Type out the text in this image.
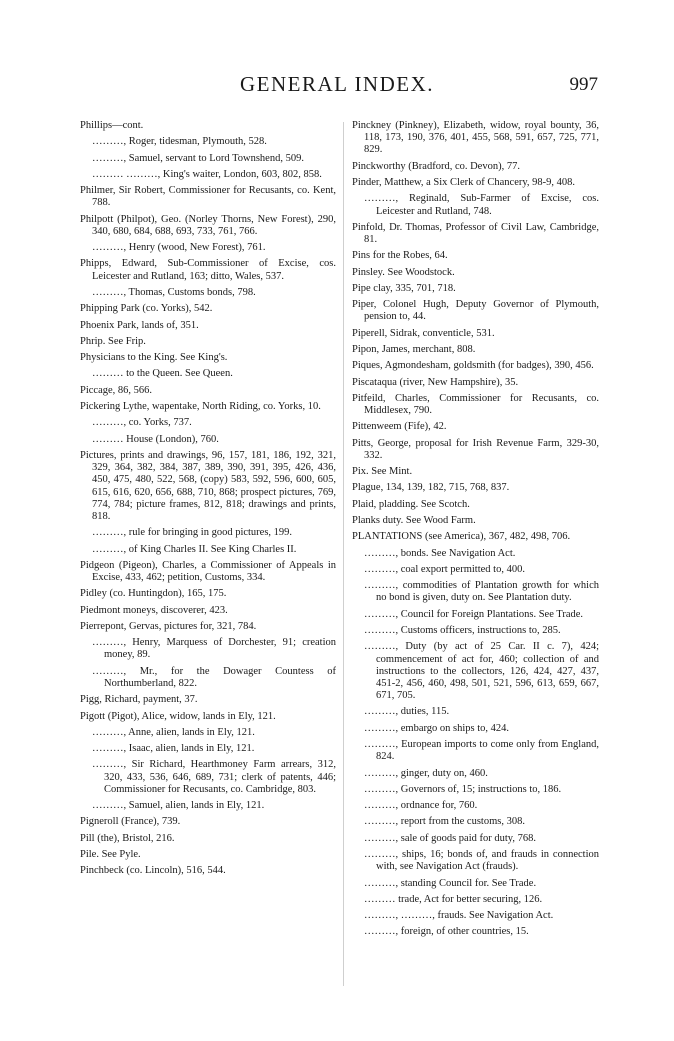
GENERAL INDEX.	997

Phillips—cont.

………, Roger, tidesman, Plymouth, 528.

………, Samuel, servant to Lord Townshend, 509.

……… ………, King's waiter, London, 603, 802, 858.

Philmer, Sir Robert, Commissioner for Recusants, co. Kent, 788.

Philpott (Philpot), Geo. (Norley Thorns, New Forest), 290, 340, 680, 684, 688, 693, 733, 761, 766.

………, Henry (wood, New Forest), 761.

Phipps, Edward, Sub-Commissioner of Excise, cos. Leicester and Rutland, 163; ditto, Wales, 537.

………, Thomas, Customs bonds, 798.

Phipping Park (co. Yorks), 542.

Phoenix Park, lands of, 351.

Phrip. See Frip.

Physicians to the King. See King's.

……… to the Queen. See Queen.

Piccage, 86, 566.

Pickering Lythe, wapentake, North Riding, co. Yorks, 10.

………, co. Yorks, 737.

……… House (London), 760.

Pictures, prints and drawings, 96, 157, 181, 186, 192, 321, 329, 364, 382, 384, 387, 389, 390, 391, 395, 426, 436, 450, 475, 480, 522, 568, (copy) 583, 592, 596, 600, 605, 615, 616, 620, 656, 688, 710, 868; prospect pictures, 769, 774, 784; picture frames, 812, 818; drawings and prints, 818.

………, rule for bringing in good pictures, 199.

………, of King Charles II. See King Charles II.

Pidgeon (Pigeon), Charles, a Commissioner of Appeals in Excise, 433, 462; petition, Customs, 334.

Pidley (co. Huntingdon), 165, 175.

Piedmont moneys, discoverer, 423.

Pierrepont, Gervas, pictures for, 321, 784.

………, Henry, Marquess of Dorchester, 91; creation money, 89.

………, Mr., for the Dowager Countess of Northumberland, 822.

Pigg, Richard, payment, 37.

Pigott (Pigot), Alice, widow, lands in Ely, 121.

………, Anne, alien, lands in Ely, 121.

………, Isaac, alien, lands in Ely, 121.

………, Sir Richard, Hearthmoney Farm arrears, 312, 320, 433, 536, 646, 689, 731; clerk of patents, 446; Commissioner for Recusants, co. Cambridge, 803.

………, Samuel, alien, lands in Ely, 121.

Pigneroll (France), 739.

Pill (the), Bristol, 216.

Pile. See Pyle.

Pinchbeck (co. Lincoln), 516, 544.

Pinckney (Pinkney), Elizabeth, widow, royal bounty, 36, 118, 173, 190, 376, 401, 455, 568, 591, 657, 725, 771, 829.

Pinckworthy (Bradford, co. Devon), 77.

Pinder, Matthew, a Six Clerk of Chancery, 98-9, 408.

………, Reginald, Sub-Farmer of Excise, cos. Leicester and Rutland, 748.

Pinfold, Dr. Thomas, Professor of Civil Law, Cambridge, 81.

Pins for the Robes, 64.

Pinsley. See Woodstock.

Pipe clay, 335, 701, 718.

Piper, Colonel Hugh, Deputy Governor of Plymouth, pension to, 44.

Piperell, Sidrak, conventicle, 531.

Pipon, James, merchant, 808.

Piques, Agmondesham, goldsmith (for badges), 390, 456.

Piscataqua (river, New Hampshire), 35.

Pitfeild, Charles, Commissioner for Recusants, co. Middlesex, 790.

Pittenweem (Fife), 42.

Pitts, George, proposal for Irish Revenue Farm, 329-30, 332.

Pix. See Mint.

Plague, 134, 139, 182, 715, 768, 837.

Plaid, pladding. See Scotch.

Planks duty. See Wood Farm.

PLANTATIONS (see America), 367, 482, 498, 706.

………, bonds. See Navigation Act.

………, coal export permitted to, 400.

………, commodities of Plantation growth for which no bond is given, duty on. See Plantation duty.

………, Council for Foreign Plantations. See Trade.

………, Customs officers, instructions to, 285.

………, Duty (by act of 25 Car. II c. 7), 424; commencement of act for, 460; collection of and instructions to the collectors, 126, 424, 427, 437, 451-2, 456, 460, 498, 501, 521, 596, 613, 659, 667, 671, 705.

………, duties, 115.

………, embargo on ships to, 424.

………, European imports to come only from England, 824.

………, ginger, duty on, 460.

………, Governors of, 15; instructions to, 186.

………, ordnance for, 760.

………, report from the customs, 308.

………, sale of goods paid for duty, 768.

………, ships, 16; bonds of, and frauds in connection with, see Navigation Act (frauds).

………, standing Council for. See Trade.

……… trade, Act for better securing, 126.

………, ………, frauds. See Navigation Act.

………, foreign, of other countries, 15.
